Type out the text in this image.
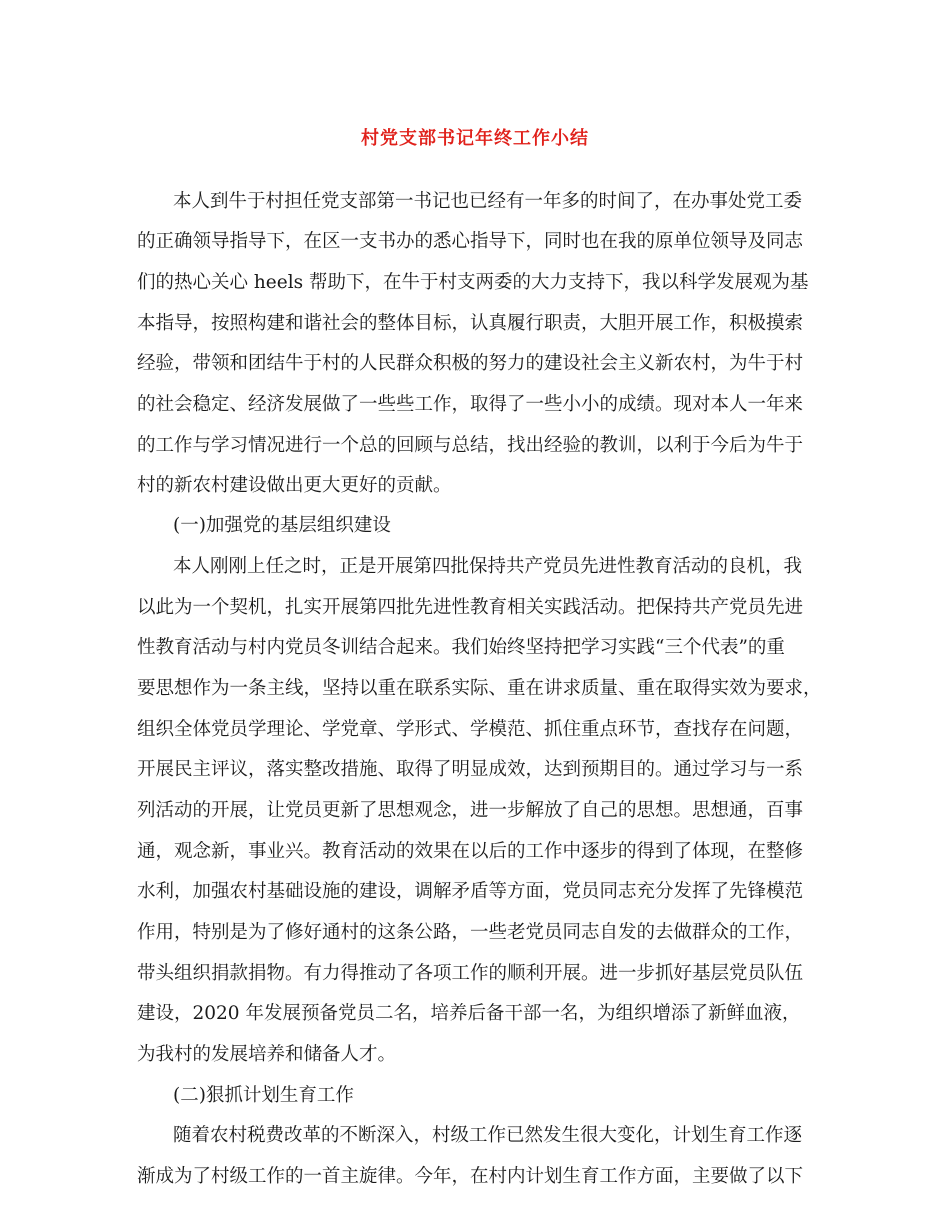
村党支部书记年终工作小结
本人到牛于村担任党支部第一书记也已经有一年多的时间了，在办事处党工委
的正确领导指导下，在区一支书办的悉心指导下，同时也在我的原单位领导及同志
们的热心关心 heels 帮助下，在牛于村支两委的大力支持下，我以科学发展观为基
本指导，按照构建和谐社会的整体目标，认真履行职责，大胆开展工作，积极摸索
经验，带领和团结牛于村的人民群众积极的努力的建设社会主义新农村，为牛于村
的社会稳定、经济发展做了一些些工作，取得了一些小小的成绩。现对本人一年来
的工作与学习情况进行一个总的回顾与总结，找出经验的教训，以利于今后为牛于
村的新农村建设做出更大更好的贡献。
(一)加强党的基层组织建设
本人刚刚上任之时，正是开展第四批保持共产党员先进性教育活动的良机，我
以此为一个契机，扎实开展第四批先进性教育相关实践活动。把保持共产党员先进
性教育活动与村内党员冬训结合起来。我们始终坚持把学习实践“三个代表”的重
要思想作为一条主线，坚持以重在联系实际、重在讲求质量、重在取得实效为要求，
组织全体党员学理论、学党章、学形式、学模范、抓住重点环节，查找存在问题，
开展民主评议，落实整改措施、取得了明显成效，达到预期目的。通过学习与一系
列活动的开展，让党员更新了思想观念，进一步解放了自己的思想。思想通，百事
通，观念新，事业兴。教育活动的效果在以后的工作中逐步的得到了体现，在整修
水利，加强农村基础设施的建设，调解矛盾等方面，党员同志充分发挥了先锋模范
作用，特别是为了修好通村的这条公路，一些老党员同志自发的去做群众的工作，
带头组织捐款捐物。有力得推动了各项工作的顺利开展。进一步抓好基层党员队伍
建设，2020 年发展预备党员二名，培养后备干部一名，为组织增添了新鲜血液，
为我村的发展培养和储备人才。
(二)狠抓计划生育工作
随着农村税费改革的不断深入，村级工作已然发生很大变化，计划生育工作逐
渐成为了村级工作的一首主旋律。今年，在村内计划生育工作方面，主要做了以下
